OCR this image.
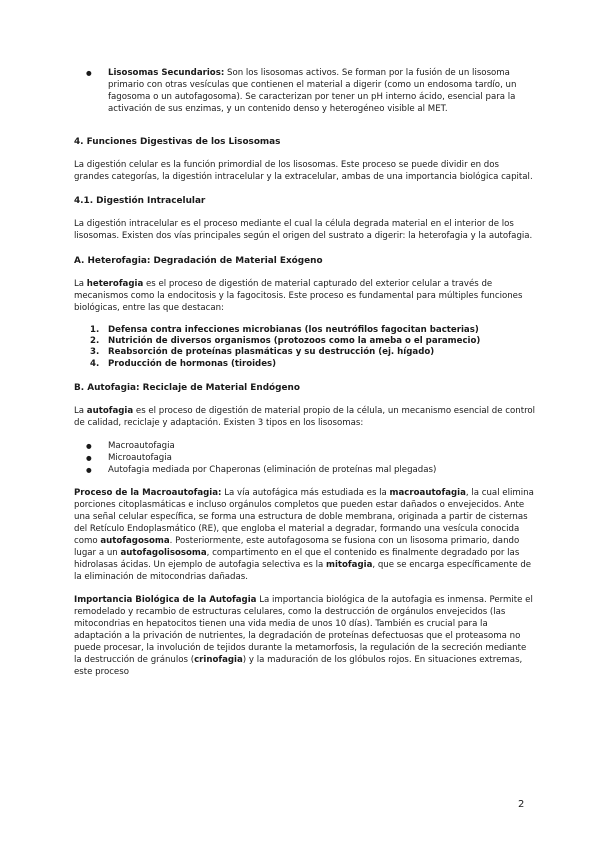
● Lisosomas Secundarios: Son los lisosomas activos. Se forman por la fusión de un lisosoma primario con otras vesículas que contienen el material a digerir (como un endosoma tardío, un fagosoma o un autofagosoma). Se caracterizan por tener un pH interno ácido, esencial para la activación de sus enzimas, y un contenido denso y heterogéneo visible al MET.
4. Funciones Digestivas de los Lisosomas

La digestión celular es la función primordial de los lisosomas. Este proceso se puede dividir en dos grandes categorías, la digestión intracelular y la extracelular, ambas de una importancia biológica capital.

4.1. Digestión Intracelular

La digestión intracelular es el proceso mediante el cual la célula degrada material en el interior de los lisosomas. Existen dos vías principales según el origen del sustrato a digerir: la heterofagia y la autofagia.

A. Heterofagia: Degradación de Material Exógeno

La heterofagia es el proceso de digestión de material capturado del exterior celular a través de mecanismos como la endocitosis y la fagocitosis. Este proceso es fundamental para múltiples funciones biológicas, entre las que destacan:

1. Defensa contra infecciones microbianas (los neutrófilos fagocitan bacterias)
2. Nutrición de diversos organismos (protozoos como la ameba o el paramecio)
3. Reabsorción de proteínas plasmáticas y su destrucción (ej. hígado)
4. Producción de hormonas (tiroides)
B. Autofagia: Reciclaje de Material Endógeno

La autofagia es el proceso de digestión de material propio de la célula, un mecanismo esencial de control de calidad, reciclaje y adaptación. Existen 3 tipos en los lisosomas:

● Macroautofagia
● Microautofagia
● Autofagia mediada por Chaperonas (eliminación de proteínas mal plegadas)

Proceso de la Macroautofagia: La vía autofágica más estudiada es la macroautofagia, la cual elimina porciones citoplasmáticas e incluso orgánulos completos que pueden estar dañados o envejecidos. Ante una señal celular específica, se forma una estructura de doble membrana, originada a partir de cisternas del Retículo Endoplasmático (RE), que engloba el material a degradar, formando una vesícula conocida como autofagosoma. Posteriormente, este autofagosoma se fusiona con un lisosoma primario, dando lugar a un autofagolisosoma, compartimento en el que el contenido es finalmente degradado por las hidrolasas ácidas. Un ejemplo de autofagia selectiva es la mitofagia, que se encarga específicamente de la eliminación de mitocondrias dañadas.

Importancia Biológica de la Autofagia La importancia biológica de la autofagia es inmensa. Permite el remodelado y recambio de estructuras celulares, como la destrucción de orgánulos envejecidos (las mitocondrias en hepatocitos tienen una vida media de unos 10 días). También es crucial para la adaptación a la privación de nutrientes, la degradación de proteínas defectuosas que el proteasoma no puede procesar, la involución de tejidos durante la metamorfosis, la regulación de la secreción mediante la destrucción de gránulos (crinofagia) y la maduración de los glóbulos rojos. En situaciones extremas, este proceso

2
